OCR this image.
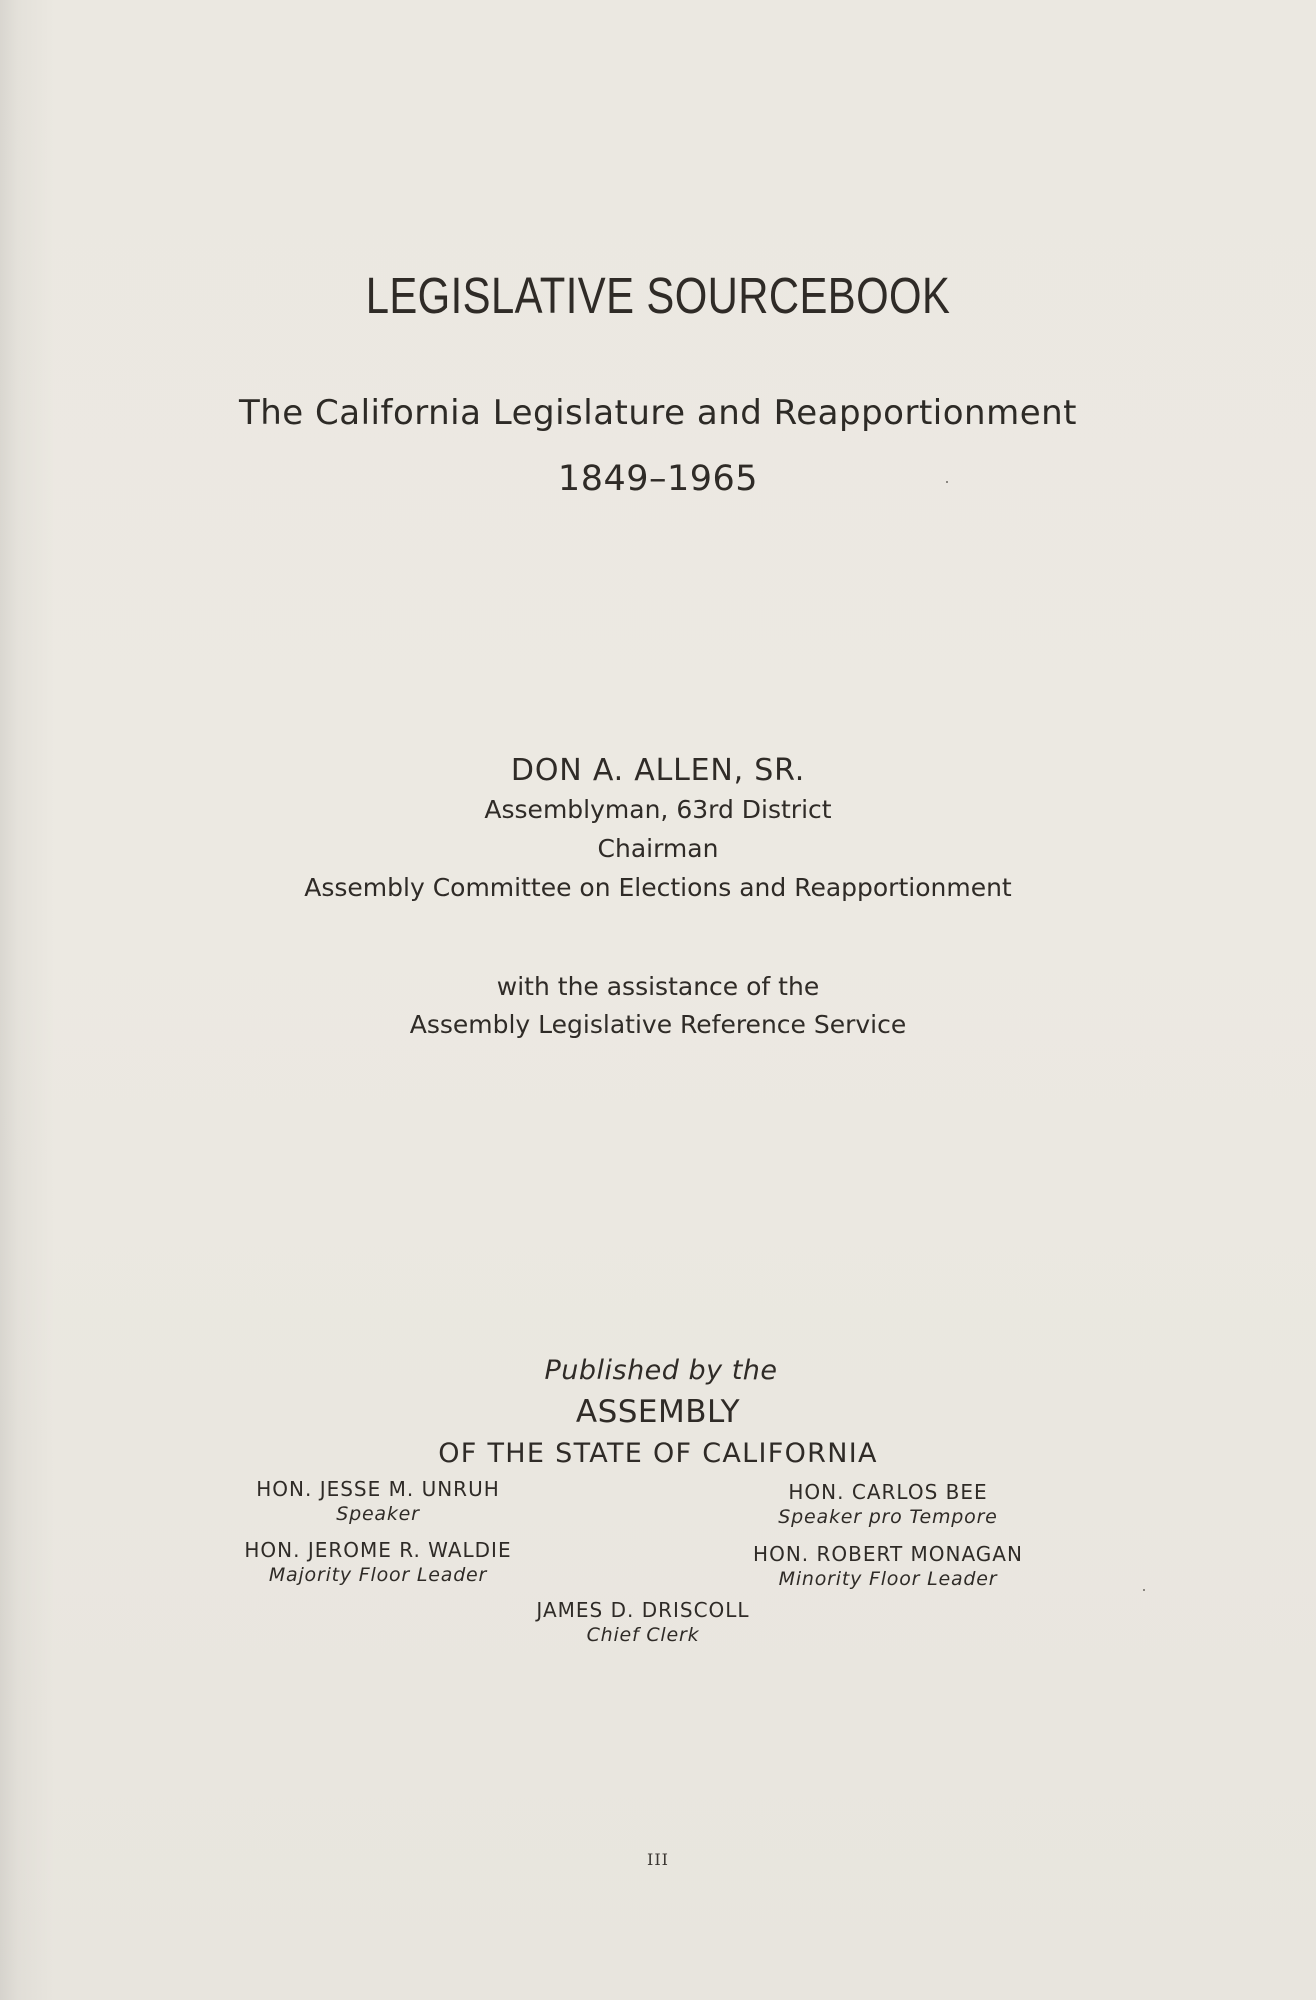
LEGISLATIVE SOURCEBOOK
The California Legislature and Reapportionment
1849–1965
DON A. ALLEN, SR.
Assemblyman, 63rd District
Chairman
Assembly Committee on Elections and Reapportionment
with the assistance of the
Assembly Legislative Reference Service
Published by the
ASSEMBLY
OF THE STATE OF CALIFORNIA
HON. JESSE M. UNRUH
Speaker
HON. CARLOS BEE
Speaker pro Tempore
HON. JEROME R. WALDIE
Majority Floor Leader
HON. ROBERT MONAGAN
Minority Floor Leader
JAMES D. DRISCOLL
Chief Clerk
III
